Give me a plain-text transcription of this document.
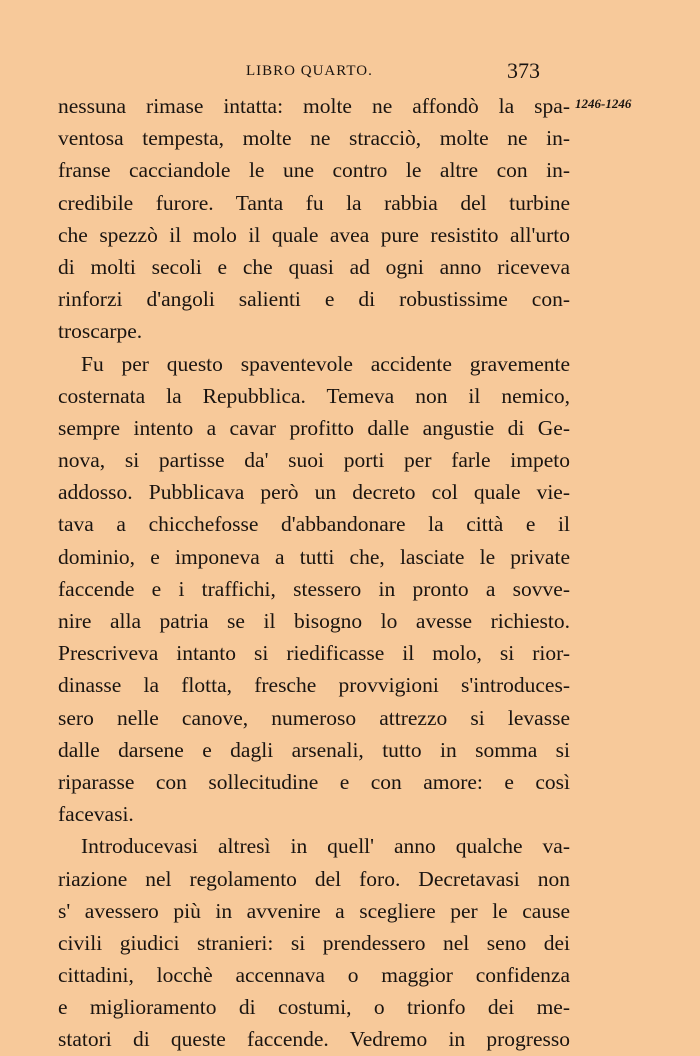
LIBRO QUARTO.	373
1246-1246
nessuna rimase intatta: molte ne affondò la spa-
ventosa tempesta, molte ne stracciò, molte ne in-
franse cacciandole le une contro le altre con in-
credibile furore. Tanta fu la rabbia del turbine
che spezzò il molo il quale avea pure resistito all'urto
di molti secoli e che quasi ad ogni anno riceveva
rinforzi d'angoli salienti e di robustissime con-
troscarpe.
Fu per questo spaventevole accidente gravemente
costernata la Repubblica. Temeva non il nemico,
sempre intento a cavar profitto dalle angustie di Ge-
nova, si partisse da' suoi porti per farle impeto
addosso. Pubblicava però un decreto col quale vie-
tava a chicchefosse d'abbandonare la città e il
dominio, e imponeva a tutti che, lasciate le private
faccende e i traffichi, stessero in pronto a sovve-
nire alla patria se il bisogno lo avesse richiesto.
Prescriveva intanto si riedificasse il molo, si rior-
dinasse la flotta, fresche provvigioni s'introduces-
sero nelle canove, numeroso attrezzo si levasse
dalle darsene e dagli arsenali, tutto in somma si
riparasse con sollecitudine e con amore: e così
facevasi.
Introducevasi altresì in quell' anno qualche va-
riazione nel regolamento del foro. Decretavasi non
s' avessero più in avvenire a scegliere per le cause
civili giudici stranieri: si prendessero nel seno dei
cittadini, locchè accennava o maggior confidenza
e miglioramento di costumi, o trionfo dei me-
statori di queste faccende. Vedremo in progresso
